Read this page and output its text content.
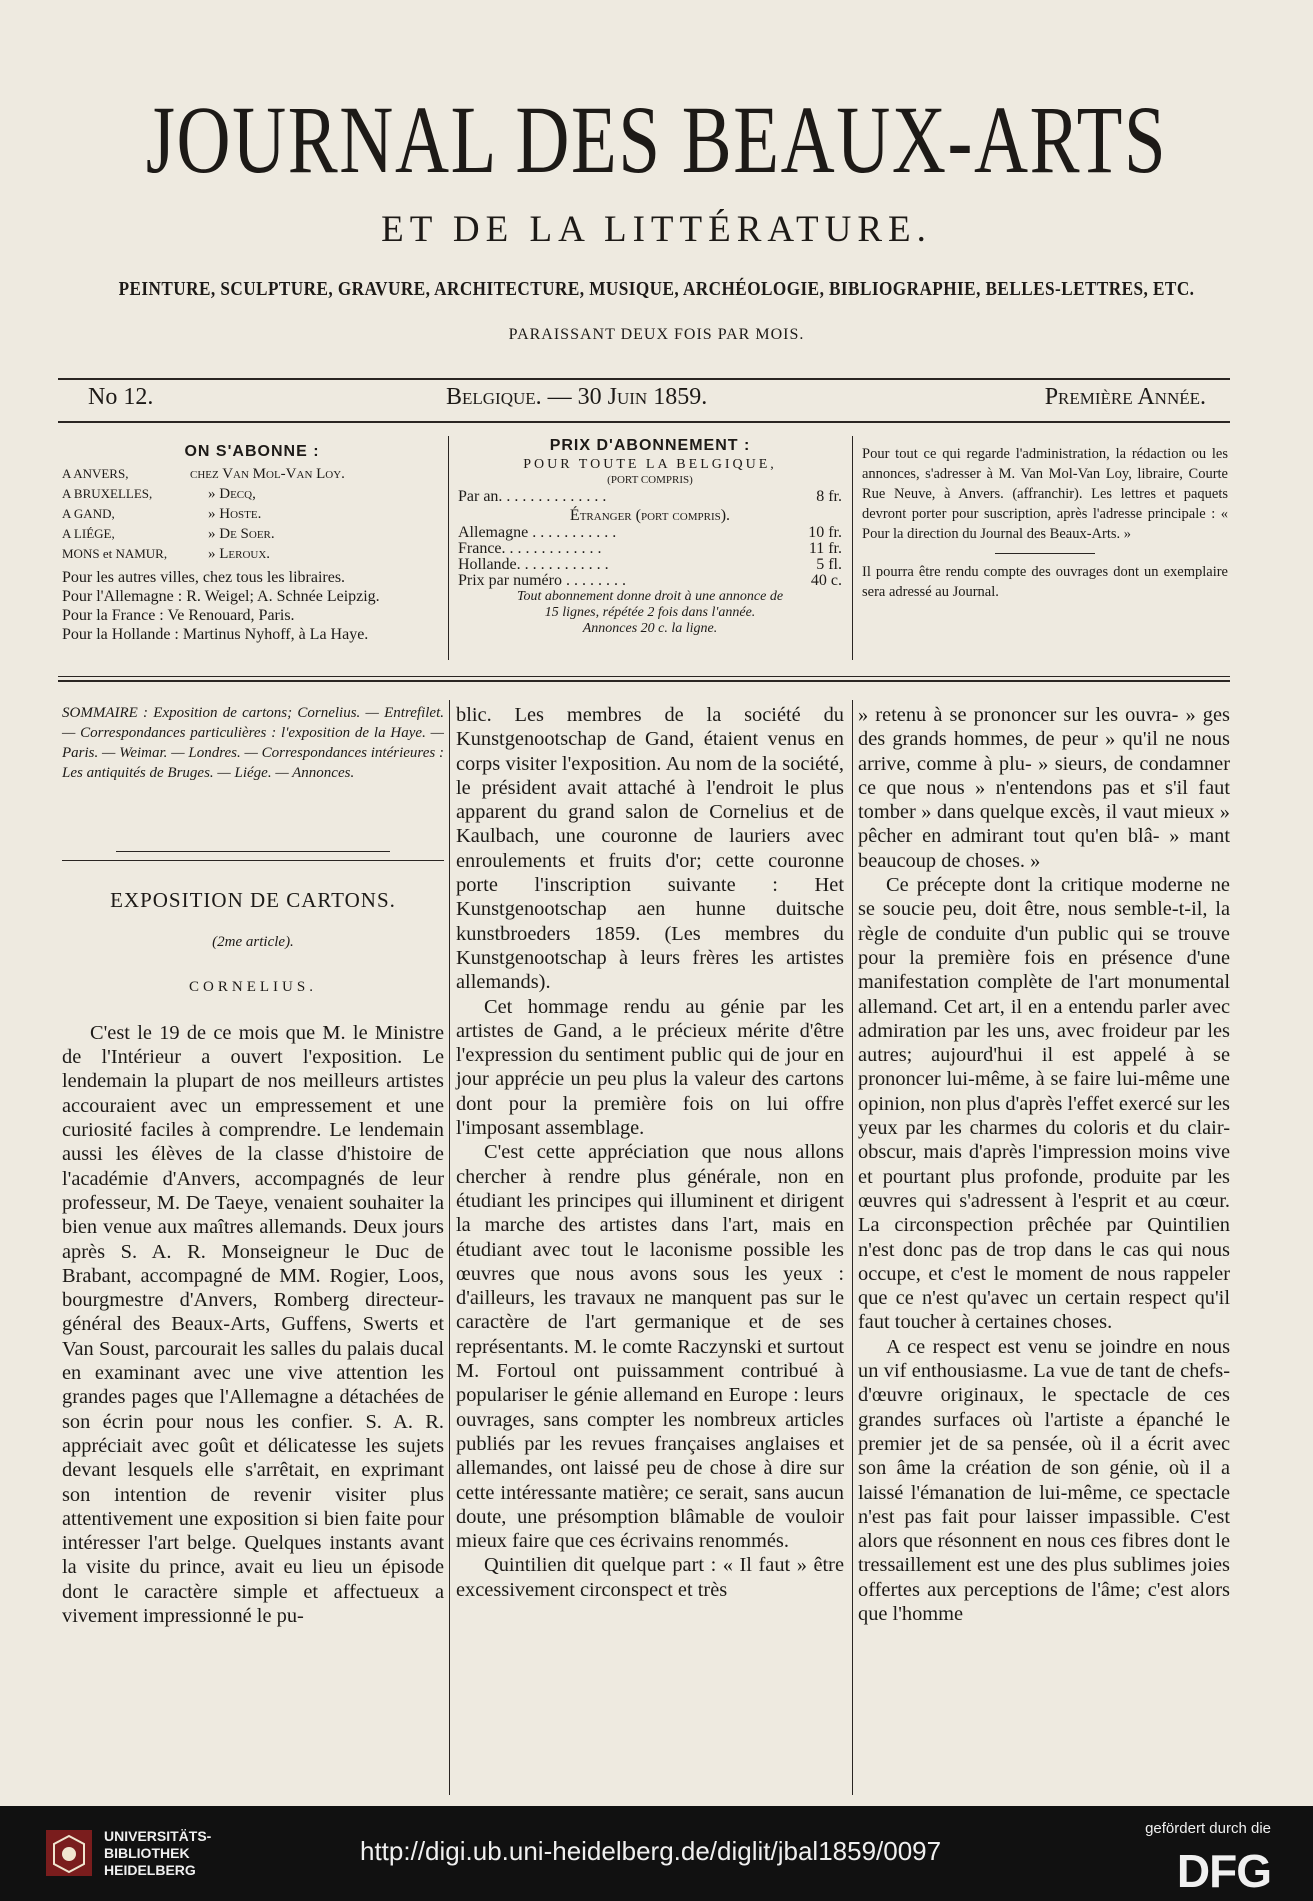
JOURNAL DES BEAUX-ARTS
ET DE LA LITTÉRATURE.
PEINTURE, SCULPTURE, GRAVURE, ARCHITECTURE, MUSIQUE, ARCHÉOLOGIE, BIBLIOGRAPHIE, BELLES-LETTRES, ETC.
PARAISSANT DEUX FOIS PAR MOIS.
No 12.	Belgique. — 30 Juin 1859.	Première Année.
ON S'ABONNE :
A ANVERS,	chez Van Mol-Van Loy.
A BRUXELLES,	» Decq,
A GAND,	» Hoste.
A LIÉGE,	» De Soer.
MONS et NAMUR,	» Leroux.
Pour les autres villes, chez tous les libraires.
Pour l'Allemagne : R. Weigel; A. Schnée Leipzig.
Pour la France : Ve Renouard, Paris.
Pour la Hollande : Martinus Nyhoff, à La Haye.
PRIX D'ABONNEMENT :
POUR TOUTE LA BELGIQUE,
(PORT COMPRIS)
Par an. . . . . . . . . . . . . .	8 fr.
Étranger (port compris).
Allemagne . . . . . . . . . . .	10 fr.
France. . . . . . . . . . . . .	11 fr.
Hollande. . . . . . . . . . . .	5 fl.
Prix par numéro . . . . . . . .	40 c.
Tout abonnement donne droit à une annonce de
15 lignes, répétée 2 fois dans l'année.
Annonces 20 c. la ligne.
Pour tout ce qui regarde l'administration, la rédaction ou les annonces, s'adresser à M. Van Mol-Van Loy, libraire, Courte Rue Neuve, à Anvers. (affranchir). Les lettres et paquets devront porter pour suscription, après l'adresse principale : « Pour la direction du Journal des Beaux-Arts. »
Il pourra être rendu compte des ouvrages dont un exemplaire sera adressé au Journal.
SOMMAIRE : Exposition de cartons; Cornelius. — Entrefilet. — Correspondances particulières : l'exposition de la Haye. — Paris. — Weimar. — Londres. — Correspondances intérieures : Les antiquités de Bruges. — Liége. — Annonces.
EXPOSITION DE CARTONS.
(2me article).
CORNELIUS.

C'est le 19 de ce mois que M. le Ministre de l'Intérieur a ouvert l'exposition. Le lendemain la plupart de nos meilleurs artistes accouraient avec un empressement et une curiosité faciles à comprendre. Le lendemain aussi les élèves de la classe d'histoire de l'académie d'Anvers, accompagnés de leur professeur, M. De Taeye, venaient souhaiter la bien venue aux maîtres allemands. Deux jours après S. A. R. Monseigneur le Duc de Brabant, accompagné de MM. Rogier, Loos, bourgmestre d'Anvers, Romberg directeur-général des Beaux-Arts, Guffens, Swerts et Van Soust, parcourait les salles du palais ducal en examinant avec une vive attention les grandes pages que l'Allemagne a détachées de son écrin pour nous les confier. S. A. R. appréciait avec goût et délicatesse les sujets devant lesquels elle s'arrêtait, en exprimant son intention de revenir visiter plus attentivement une exposition si bien faite pour intéresser l'art belge. Quelques instants avant la visite du prince, avait eu lieu un épisode dont le caractère simple et affectueux a vivement impressionné le pu-

blic. Les membres de la société du Kunstgenootschap de Gand, étaient venus en corps visiter l'exposition. Au nom de la société, le président avait attaché à l'endroit le plus apparent du grand salon de Cornelius et de Kaulbach, une couronne de lauriers avec enroulements et fruits d'or; cette couronne porte l'inscription suivante : Het Kunstgenootschap aen hunne duitsche kunstbroeders 1859. (Les membres du Kunstgenootschap à leurs frères les artistes allemands).

Cet hommage rendu au génie par les artistes de Gand, a le précieux mérite d'être l'expression du sentiment public qui de jour en jour apprécie un peu plus la valeur des cartons dont pour la première fois on lui offre l'imposant assemblage.

C'est cette appréciation que nous allons chercher à rendre plus générale, non en étudiant les principes qui illuminent et dirigent la marche des artistes dans l'art, mais en étudiant avec tout le laconisme possible les œuvres que nous avons sous les yeux : d'ailleurs, les travaux ne manquent pas sur le caractère de l'art germanique et de ses représentants. M. le comte Raczynski et surtout M. Fortoul ont puissamment contribué à populariser le génie allemand en Europe : leurs ouvrages, sans compter les nombreux articles publiés par les revues françaises anglaises et allemandes, ont laissé peu de chose à dire sur cette intéressante matière; ce serait, sans aucun doute, une présomption blâmable de vouloir mieux faire que ces écrivains renommés.

Quintilien dit quelque part : « Il faut » être excessivement circonspect et très

» retenu à se prononcer sur les ouvra- » ges des grands hommes, de peur » qu'il ne nous arrive, comme à plu- » sieurs, de condamner ce que nous » n'entendons pas et s'il faut tomber » dans quelque excès, il vaut mieux » pêcher en admirant tout qu'en blâ- » mant beaucoup de choses. »

Ce précepte dont la critique moderne ne se soucie peu, doit être, nous semble-t-il, la règle de conduite d'un public qui se trouve pour la première fois en présence d'une manifestation complète de l'art monumental allemand. Cet art, il en a entendu parler avec admiration par les uns, avec froideur par les autres; aujourd'hui il est appelé à se prononcer lui-même, à se faire lui-même une opinion, non plus d'après l'effet exercé sur les yeux par les charmes du coloris et du clair-obscur, mais d'après l'impression moins vive et pourtant plus profonde, produite par les œuvres qui s'adressent à l'esprit et au cœur. La circonspection prêchée par Quintilien n'est donc pas de trop dans le cas qui nous occupe, et c'est le moment de nous rappeler que ce n'est qu'avec un certain respect qu'il faut toucher à certaines choses.

A ce respect est venu se joindre en nous un vif enthousiasme. La vue de tant de chefs-d'œuvre originaux, le spectacle de ces grandes surfaces où l'artiste a épanché le premier jet de sa pensée, où il a écrit avec son âme la création de son génie, où il a laissé l'émanation de lui-même, ce spectacle n'est pas fait pour laisser impassible. C'est alors que résonnent en nous ces fibres dont le tressaillement est une des plus sublimes joies offertes aux perceptions de l'âme; c'est alors que l'homme

UNIVERSITÄTS-
BIBLIOTHEK
HEIDELBERG
http://digi.ub.uni-heidelberg.de/diglit/jbal1859/0097
gefördert durch die
DFG
